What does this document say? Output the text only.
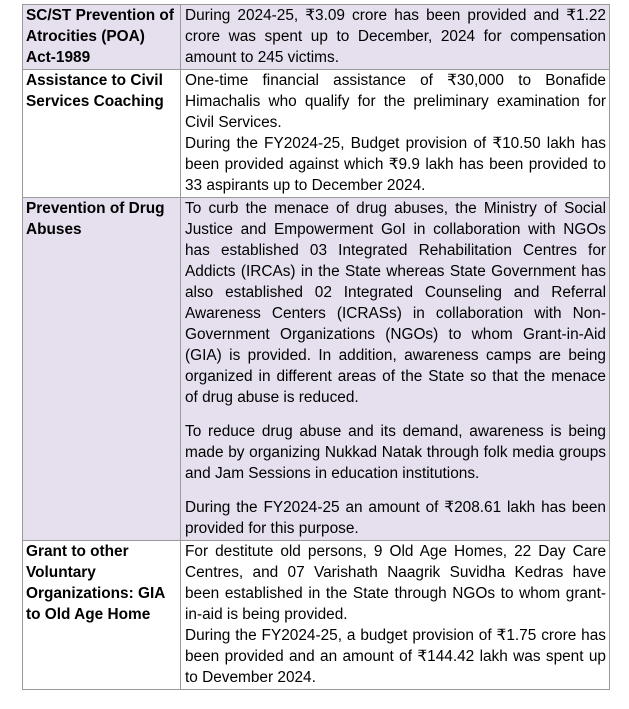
SC/ST Prevention of Atrocities (POA) Act-1989	During 2024-25, ₹3.09 crore has been provided and ₹1.22 crore was spent up to December, 2024 for compensation amount to 245 victims.

Assistance to Civil Services Coaching	One-time financial assistance of ₹30,000 to Bonafide Himachalis who qualify for the preliminary examination for Civil Services.

During the FY2024-25, Budget provision of ₹10.50 lakh has been provided against which ₹9.9 lakh has been provided to 33 aspirants up to December 2024.

Prevention of Drug Abuses	To curb the menace of drug abuses, the Ministry of Social Justice and Empowerment GoI in collaboration with NGOs has established 03 Integrated Rehabilitation Centres for Addicts (IRCAs) in the State whereas State Government has also established 02 Integrated Counseling and Referral Awareness Centers (ICRASs) in collaboration with Non-Government Organizations (NGOs) to whom Grant-in-Aid (GIA) is provided. In addition, awareness camps are being organized in different areas of the State so that the menace of drug abuse is reduced.

To reduce drug abuse and its demand, awareness is being made by organizing Nukkad Natak through folk media groups and Jam Sessions in education institutions.

During the FY2024-25 an amount of ₹208.61 lakh has been provided for this purpose.

Grant to other Voluntary Organizations: GIA to Old Age Home	For destitute old persons, 9 Old Age Homes, 22 Day Care Centres, and 07 Varishath Naagrik Suvidha Kedras have been established in the State through NGOs to whom grant-in-aid is being provided.

During the FY2024-25, a budget provision of ₹1.75 crore has been provided and an amount of ₹144.42 lakh was spent up to Devember 2024.
